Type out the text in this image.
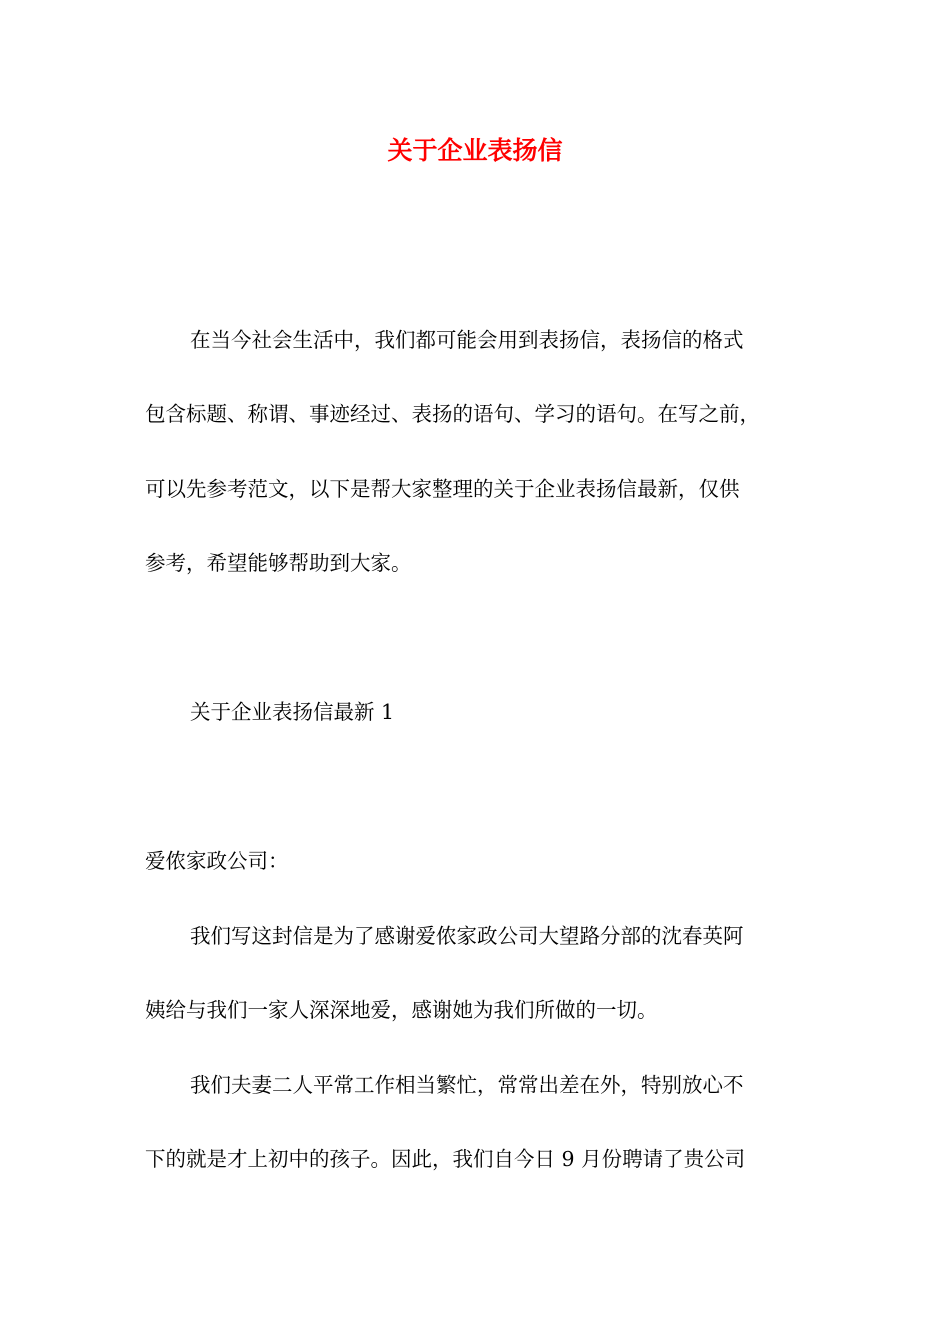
关于企业表扬信
在当今社会生活中，我们都可能会用到表扬信，表扬信的格式
包含标题、称谓、事迹经过、表扬的语句、学习的语句。在写之前，
可以先参考范文，以下是帮大家整理的关于企业表扬信最新，仅供
参考，希望能够帮助到大家。
关于企业表扬信最新 1
爱侬家政公司：
我们写这封信是为了感谢爱侬家政公司大望路分部的沈春英阿
姨给与我们一家人深深地爱，感谢她为我们所做的一切。
我们夫妻二人平常工作相当繁忙，常常出差在外，特别放心不
下的就是才上初中的孩子。因此，我们自今日 9 月份聘请了贵公司
